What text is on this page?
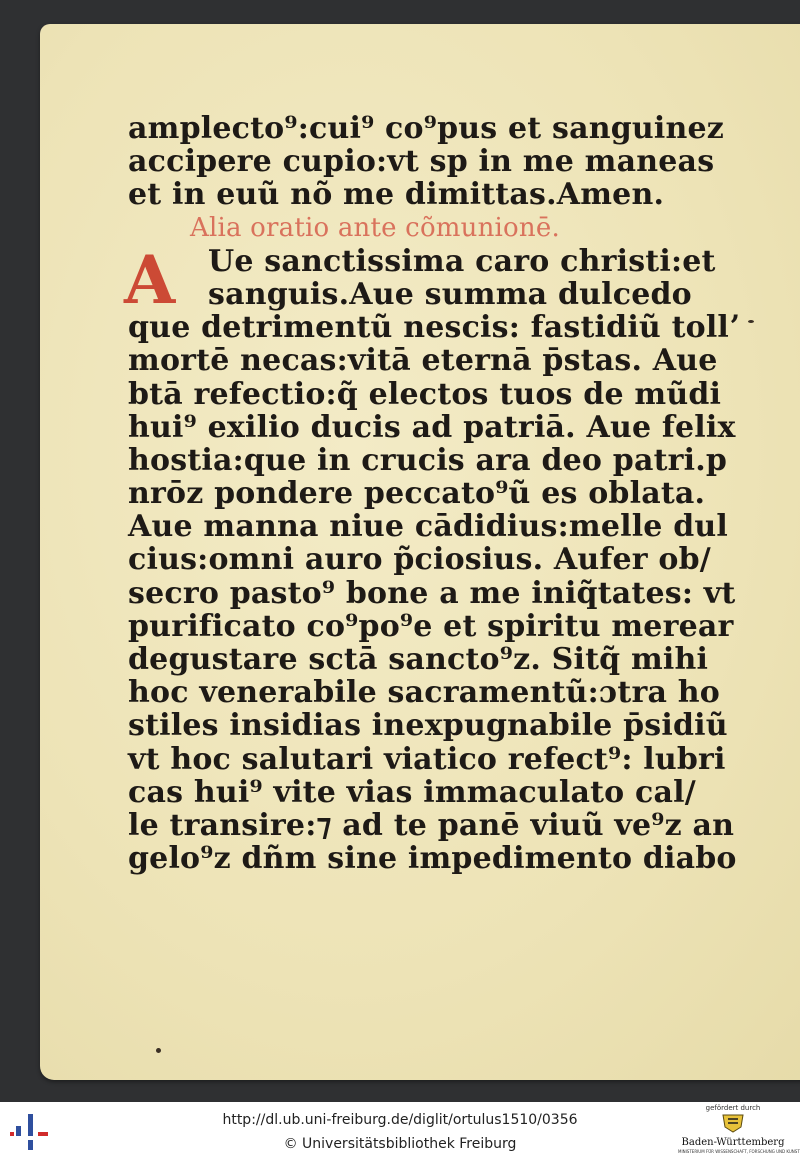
amplecto⁹:cui⁹ co⁹pus et sanguinez
accipere cupio:vt sp in me maneas
et in euũ nõ me dimittas.Amen.
Alia oratio ante cõmunionē.
A	Ue sanctissima caro christi:et
sanguis.Aue summa dulcedo
que detrimentũ nescis: fastidiũ tollʼ
mortē necas:vitā eternā p̄stas. Aue
btā refectio:q̃ electos tuos de mũdi
hui⁹ exilio ducis ad patriā. Aue felix
hostia:que in crucis ara deo patri.p
nrōz pondere peccato⁹ũ es oblata.
Aue manna niue cādidius:melle dul
cius:omni auro p̃ciosius. Aufer ob/
secro pasto⁹ bone a me iniq̃tates: vt
purificato co⁹po⁹e et spiritu merear
degustare sctā sancto⁹z. Sitq̃ mihi
hoc venerabile sacramentũ:ɔtra ho
stiles insidias inexpugnabile p̄sidiũ
vt hoc salutari viatico refect⁹: lubri
cas hui⁹ vite vias immaculato cal/
le transire:⁊ ad te panē viuũ ve⁹z an
gelo⁹z dñm sine impedimento diabo
http://dl.ub.uni-freiburg.de/diglit/ortulus1510/0356
© Universitätsbibliothek Freiburg
gefördert durch
Baden-Württemberg
MINISTERIUM FÜR WISSENSCHAFT, FORSCHUNG UND KUNST
